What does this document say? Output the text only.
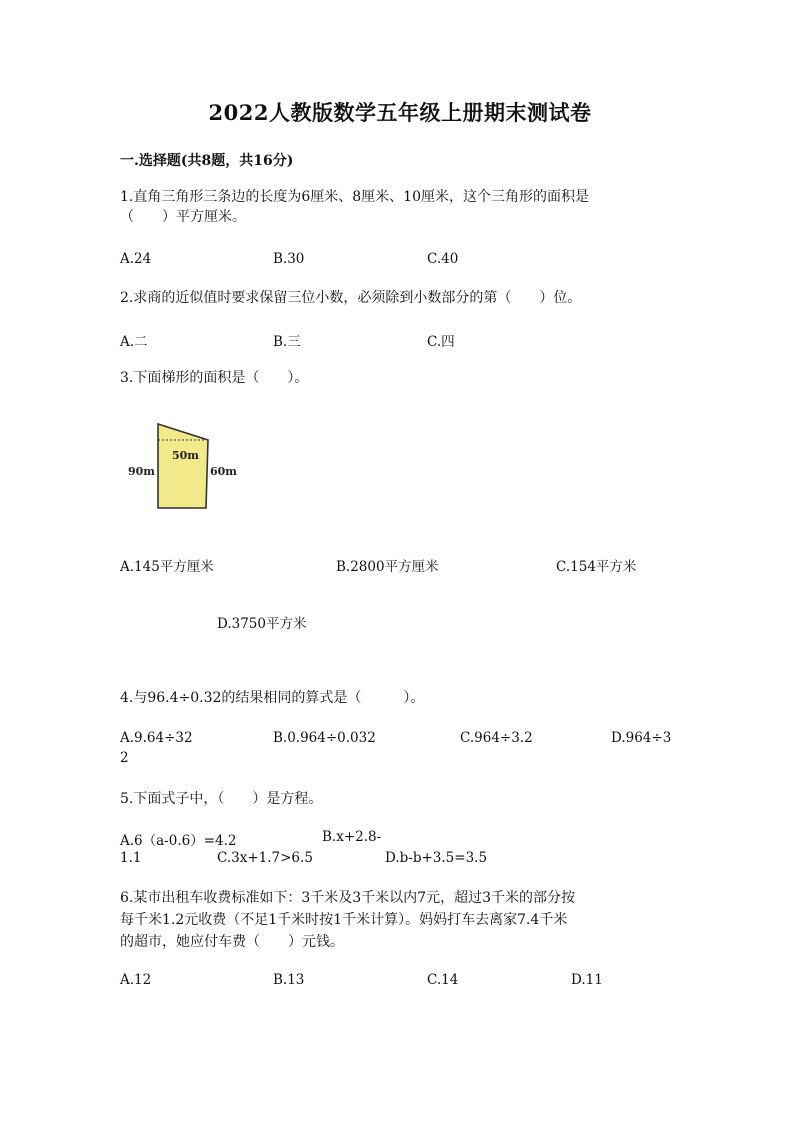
2022人教版数学五年级上册期末测试卷
一.选择题(共8题，共16分)
1.直角三角形三条边的长度为6厘米、8厘米、10厘米，这个三角形的面积是
（　　）平方厘米。
A.24	B.30	C.40
2.求商的近似值时要求保留三位小数，必须除到小数部分的第（　　）位。
A.二	B.三	C.四
3.下面梯形的面积是（　　）。
90m
50m
60m
A.145平方厘米	B.2800平方厘米	C.154平方米
D.3750平方米
4.与96.4÷0.32的结果相同的算式是（　　　）。
A.9.64÷32	B.0.964÷0.032	C.964÷3.2	D.964÷3
2
5.下面式子中，（　　）是方程。
A.6（a-0.6）=4.2	B.x+2.8-
1.1	C.3x+1.7>6.5	D.b-b+3.5=3.5
6.某市出租车收费标准如下：3千米及3千米以内7元，超过3千米的部分按
每千米1.2元收费（不足1千米时按1千米计算）。妈妈打车去离家7.4千米
的超市，她应付车费（　　）元钱。
A.12	B.13	C.14	D.11
